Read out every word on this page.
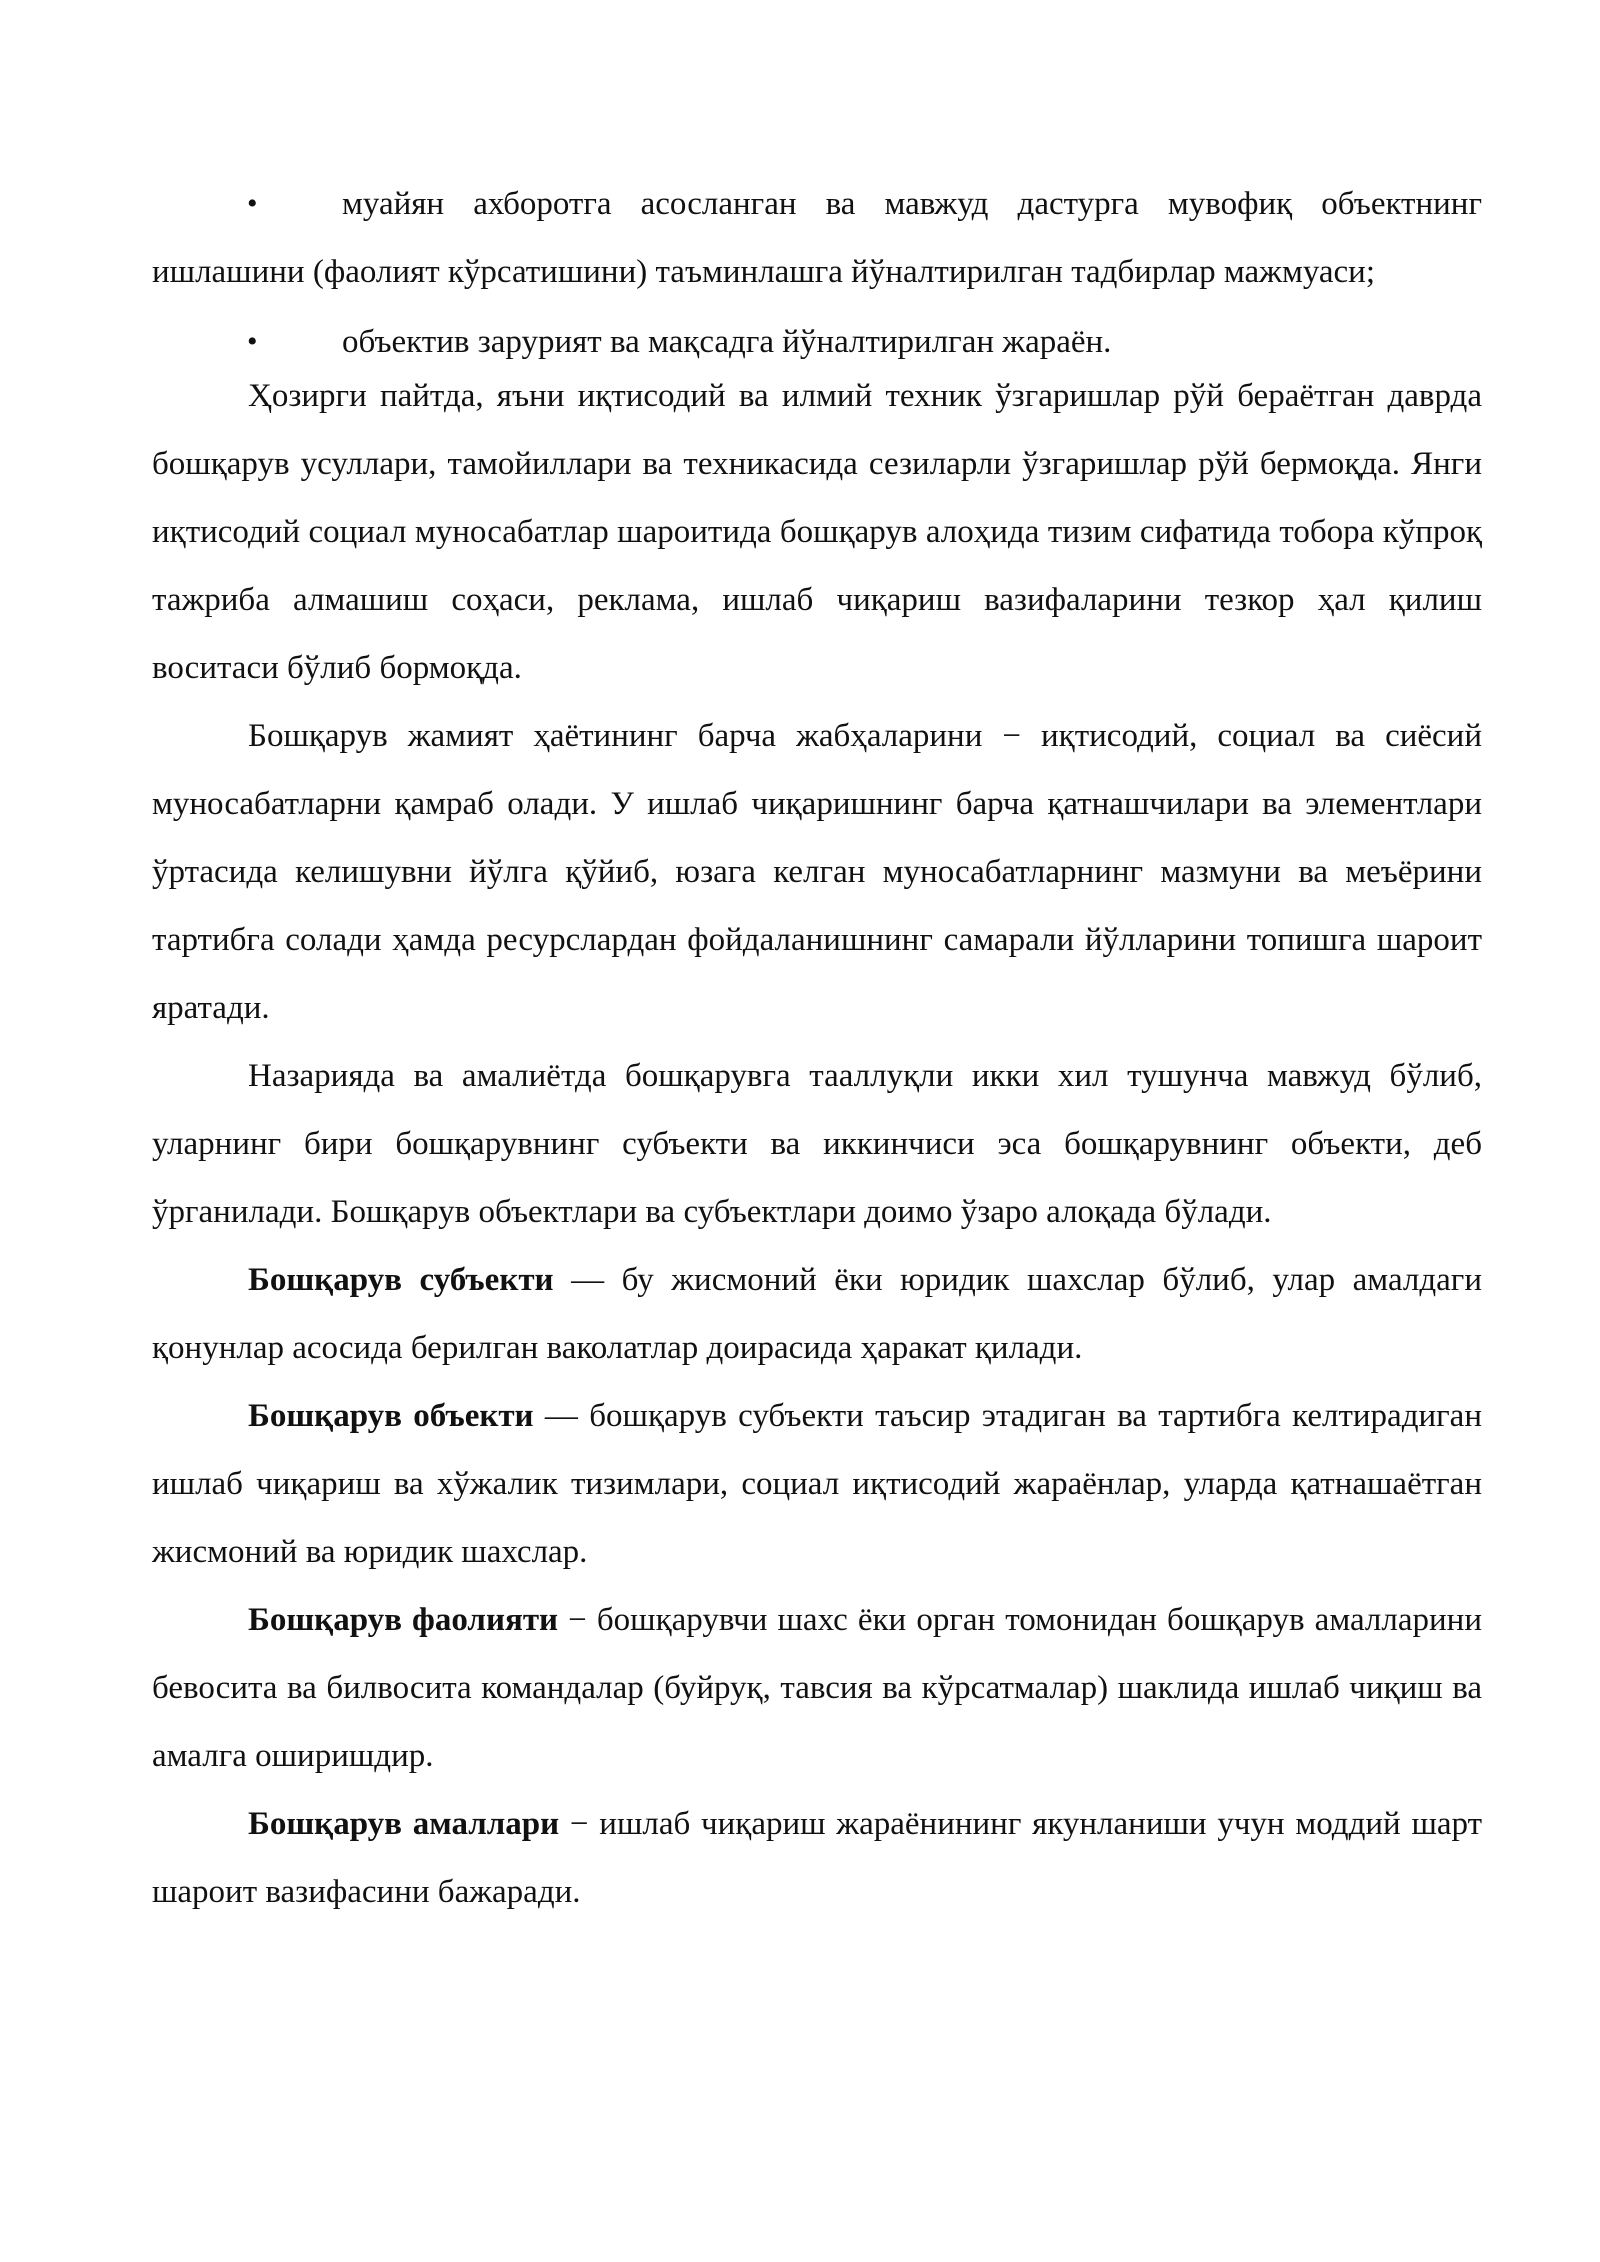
•	муайян ахборотга асосланган ва мавжуд дастурга мувофиқ объектнинг ишлашини (фаолият кўрсатишини) таъминлашга йўналтирилган тадбирлар мажмуаси;
•	объектив зарурият ва мақсадга йўналтирилган жараён.

Ҳозирги пайтда, яъни иқтисодий ва илмий техник ўзгаришлар рўй бераётган даврда бошқарув усуллари, тамойиллари ва техникасида сезиларли ўзгаришлар рўй бермоқда. Янги иқтисодий социал муносабатлар шароитида бошқарув алоҳида тизим сифатида тобора кўпроқ тажриба алмашиш соҳаси, реклама, ишлаб чиқариш вазифаларини тезкор ҳал қилиш воситаси бўлиб бормоқда.

Бошқарув жамият ҳаётининг барча жабҳаларини − иқтисодий, социал ва сиёсий муносабатларни қамраб олади. У ишлаб чиқаришнинг барча қатнашчилари ва элементлари ўртасида келишувни йўлга қўйиб, юзага келган муносабатларнинг мазмуни ва меъёрини тартибга солади ҳамда ресурслардан фойдаланишнинг самарали йўлларини топишга шароит яратади.

Назарияда ва амалиётда бошқарувга тааллуқли икки хил тушунча мавжуд бўлиб, уларнинг бири бошқарувнинг субъекти ва иккинчиси эса бошқарувнинг объекти, деб ўрганилади. Бошқарув объектлари ва субъектлари доимо ўзаро алоқада бўлади.

Бошқарув субъекти — бу жисмоний ёки юридик шахслар бўлиб, улар амалдаги қонунлар асосида берилган ваколатлар доирасида ҳаракат қилади.

Бошқарув объекти — бошқарув субъекти таъсир этадиган ва тартибга келтирадиган ишлаб чиқариш ва хўжалик тизимлари, социал иқтисодий жараёнлар, уларда қатнашаётган жисмоний ва юридик шахслар.

Бошқарув фаолияти − бошқарувчи шахс ёки орган томонидан бошқарув амалларини бевосита ва билвосита командалар (буйруқ, тавсия ва кўрсатмалар) шаклида ишлаб чиқиш ва амалга оширишдир.

Бошқарув амаллари − ишлаб чиқариш жараёнининг якунланиши учун моддий шарт шароит вазифасини бажаради.
